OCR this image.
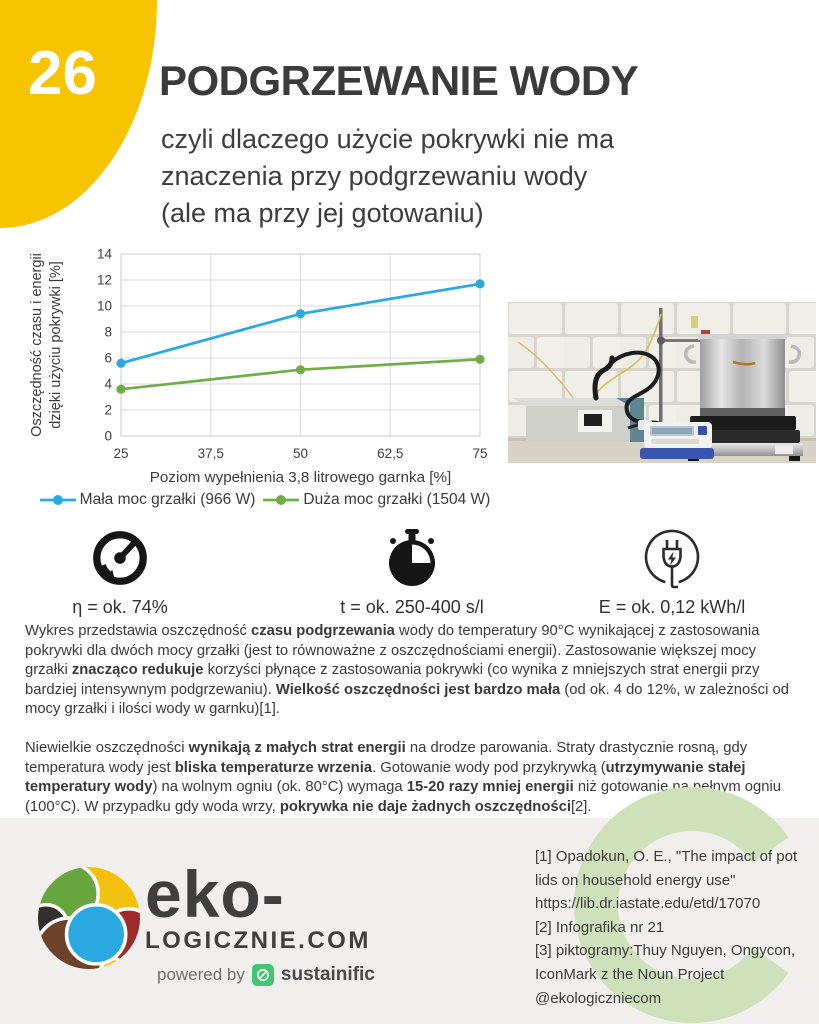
26 PODGRZEWANIE WODY
czyli dlaczego użycie pokrywki nie ma
znaczenia przy podgrzewaniu wody
(ale ma przy jej gotowaniu)
0
2
4
6
8
10
12
14
25	37,5	50	62,5	75
Poziom wypełnienia 3,8 litrowego garnka [%]
Oszczędność czasu i energii dzięki użyciu pokrywki [%]
Mała moc grzałki (966 W)	Duża moc grzałki (1504 W)
η = ok. 74%	t = ok. 250-400 s/l	E = ok. 0,12 kWh/l

Wykres przedstawia oszczędność czasu podgrzewania wody do temperatury 90°C wynikającej z zastosowania pokrywki dla dwóch mocy grzałki (jest to równoważne z oszczędnościami energii). Zastosowanie większej mocy grzałki znacząco redukuje korzyści płynące z zastosowania pokrywki (co wynika z mniejszych strat energii przy bardziej intensywnym podgrzewaniu). Wielkość oszczędności jest bardzo mała (od ok. 4 do 12%, w zależności od mocy grzałki i ilości wody w garnku)[1].

Niewielkie oszczędności wynikają z małych strat energii na drodze parowania. Straty drastycznie rosną, gdy temperatura wody jest bliska temperaturze wrzenia. Gotowanie wody pod przykrywką (utrzymywanie stałej temperatury wody) na wolnym ogniu (ok. 80°C) wymaga 15-20 razy mniej energii niż gotowanie na pełnym ogniu (100°C). W przypadku gdy woda wrzy, pokrywka nie daje żadnych oszczędności[2].

eko-
LOGICZNIE.COM
powered by sustainific
[1] Opadokun, O. E., "The impact of pot
lids on household energy use"
https://lib.dr.iastate.edu/etd/17070
[2] Infografika nr 21
[3] piktogramy:Thuy Nguyen, Ongycon,
IconMark z the Noun Project
@ekologiczniecom
